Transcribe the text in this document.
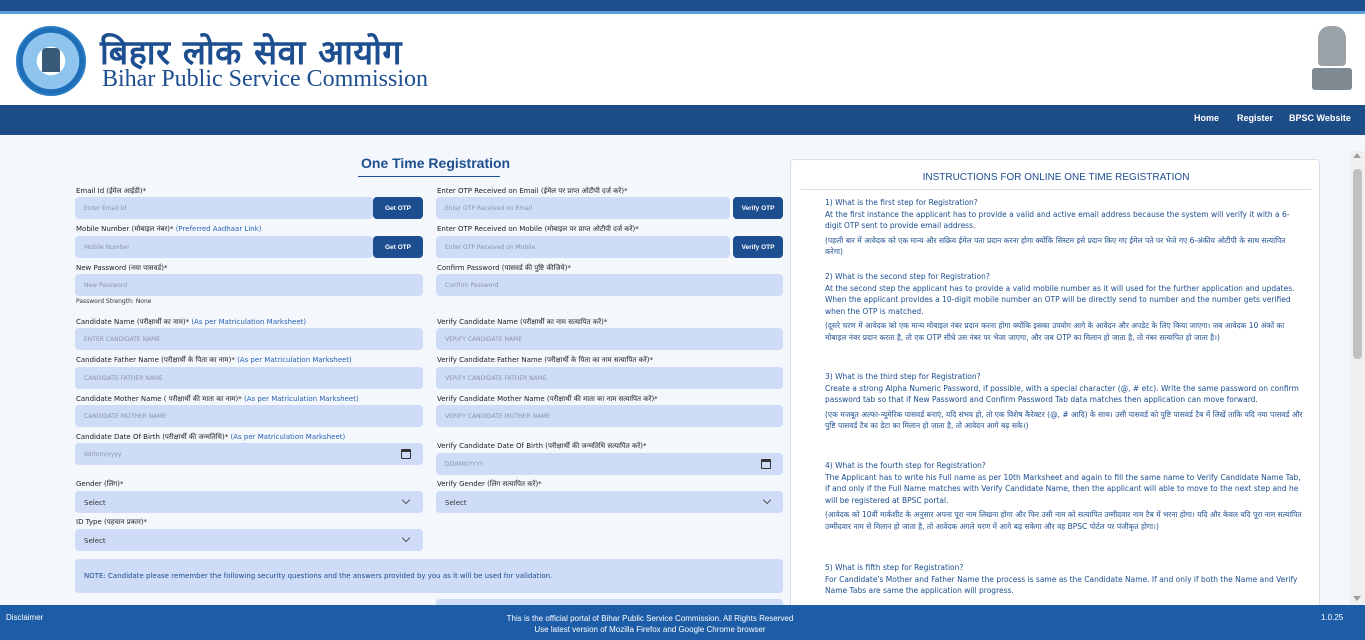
बिहार लोक सेवा आयोग
Bihar Public Service Commission
Home Register BPSC Website
One Time Registration
Email Id (ईमेल आईडी)*
Enter Email Id	Get OTP
Enter OTP Received on Email (ईमेल पर प्राप्त ओटीपी दर्ज करें)*
Enter OTP Received on Email	Verify OTP
Mobile Number (मोबाइल नंबर)* (Preferred Aadhaar Link)
Mobile Number	Get OTP
Enter OTP Received on Mobile (मोबाइल पर प्राप्त ओटीपी दर्ज करें)*
Enter OTP Received on Mobile	Verify OTP
New Password (नया पासवर्ड)*
New Password
Password Strength: None
Confirm Password (पासवर्ड की पुष्टि कीजिये)*
Confirm Password
Candidate Name (परीक्षार्थी का नाम)* (As per Matriculation Marksheet)
ENTER CANDIDATE NAME
Verify Candidate Name (परीक्षार्थी का नाम सत्यापित करें)*
VERIFY CANDIDATE NAME
Candidate Father Name (परीक्षार्थी के पिता का नाम)* (As per Matriculation Marksheet)
CANDIDATE FATHER NAME
Verify Candidate Father Name (परीक्षार्थी के पिता का नाम सत्यापित करें)*
VERIFY CANDIDATE FATHER NAME
Candidate Mother Name ( परीक्षार्थी की माता का नाम)* (As per Matriculation Marksheet)
CANDIDATE MOTHER NAME
Verify Candidate Mother Name (परीक्षार्थी की माता का नाम सत्यापित करें)*
VERIFY CANDIDATE MOTHER NAME
Candidate Date Of Birth (परीक्षार्थी की जन्मतिथि)* (As per Matriculation Marksheet)
dd/mm/yyyy
Verify Candidate Date Of Birth (परीक्षार्थी की जन्मतिथि सत्यापित करें)*
DD/MM/YYYY
Gender (लिंग)*
Select
Verify Gender (लिंग सत्यापित करें)*
Select
ID Type (पहचान प्रकार)*
Select
NOTE: Candidate please remember the following security questions and the answers provided by you as it will be used for validation.
INSTRUCTIONS FOR ONLINE ONE TIME REGISTRATION

1) What is the first step for Registration?

At the first instance the applicant has to provide a valid and active email address because the system will verify it with a 6-digit OTP sent to provide email address.

(पहली बार में आवेदक को एक मान्य और सक्रिय ईमेल पता प्रदान करना होगा क्योंकि सिस्टम इसे प्रदान किए गए ईमेल पते पर भेजे गए 6-अंकीय ओटीपी के साथ सत्यापित करेगा)

2) What is the second step for Registration?

At the second step the applicant has to provide a valid mobile number as it will used for the further application and updates. When the applicant provides a 10-digit mobile number an OTP will be directly send to number and the number gets verified when the OTP is matched.

(दूसरे चरण में आवेदक को एक मान्य मोबाइल नंबर प्रदान करना होगा क्योंकि इसका उपयोग आगे के आवेदन और अपडेट के लिए किया जाएगा। जब आवेदक 10 अंकों का मोबाइल नंबर प्रदान करता है, तो एक OTP सीधे उस नंबर पर भेजा जाएगा, और जब OTP का मिलान हो जाता है, तो नंबर सत्यापित हो जाता है।)

3) What is the third step for Registration?

Create a strong Alpha Numeric Password, if possible, with a special character (@, # etc). Write the same password on confirm password tab so that if New Password and Confirm Password Tab data matches then application can move forward.

(एक मजबूत अल्फा-न्यूमेरिक पासवर्ड बनाएं, यदि संभव हो, तो एक विशेष कैरेक्टर (@, # आदि) के साथ। उसी पासवर्ड को पुष्टि पासवर्ड टैब में लिखें ताकि यदि नया पासवर्ड और पुष्टि पासवर्ड टैब का डेटा का मिलान हो जाता है, तो आवेदन आगे बढ़ सके।)

4) What is the fourth step for Registration?

The Applicant has to write his Full name as per 10th Marksheet and again to fill the same name to Verify Candidate Name Tab, if and only if the Full Name matches with Verify Candidate Name, then the applicant will able to move to the next step and he will be registered at BPSC portal.

(आवेदक को 10वीं मार्कशीट के अनुसार अपना पूरा नाम लिखना होगा और फिर उसी नाम को सत्यापित उम्मीदवार नाम टैब में भरना होगा। यदि और केवल यदि पूरा नाम सत्यापित उम्मीदवार नाम से मिलान हो जाता है, तो आवेदक अगले चरण में आगे बढ़ सकेगा और वह BPSC पोर्टल पर पंजीकृत होगा।)

5) What is fifth step for Registration?

For Candidate's Mother and Father Name the process is same as the Candidate Name. If and only if both the Name and Verify Name Tabs are same the application will progress.

Disclaimer	This is the official portal of Bihar Public Service Commission. All Rights Reserved
Use latest version of Mozilla Firefox and Google Chrome browser
1.0.25
